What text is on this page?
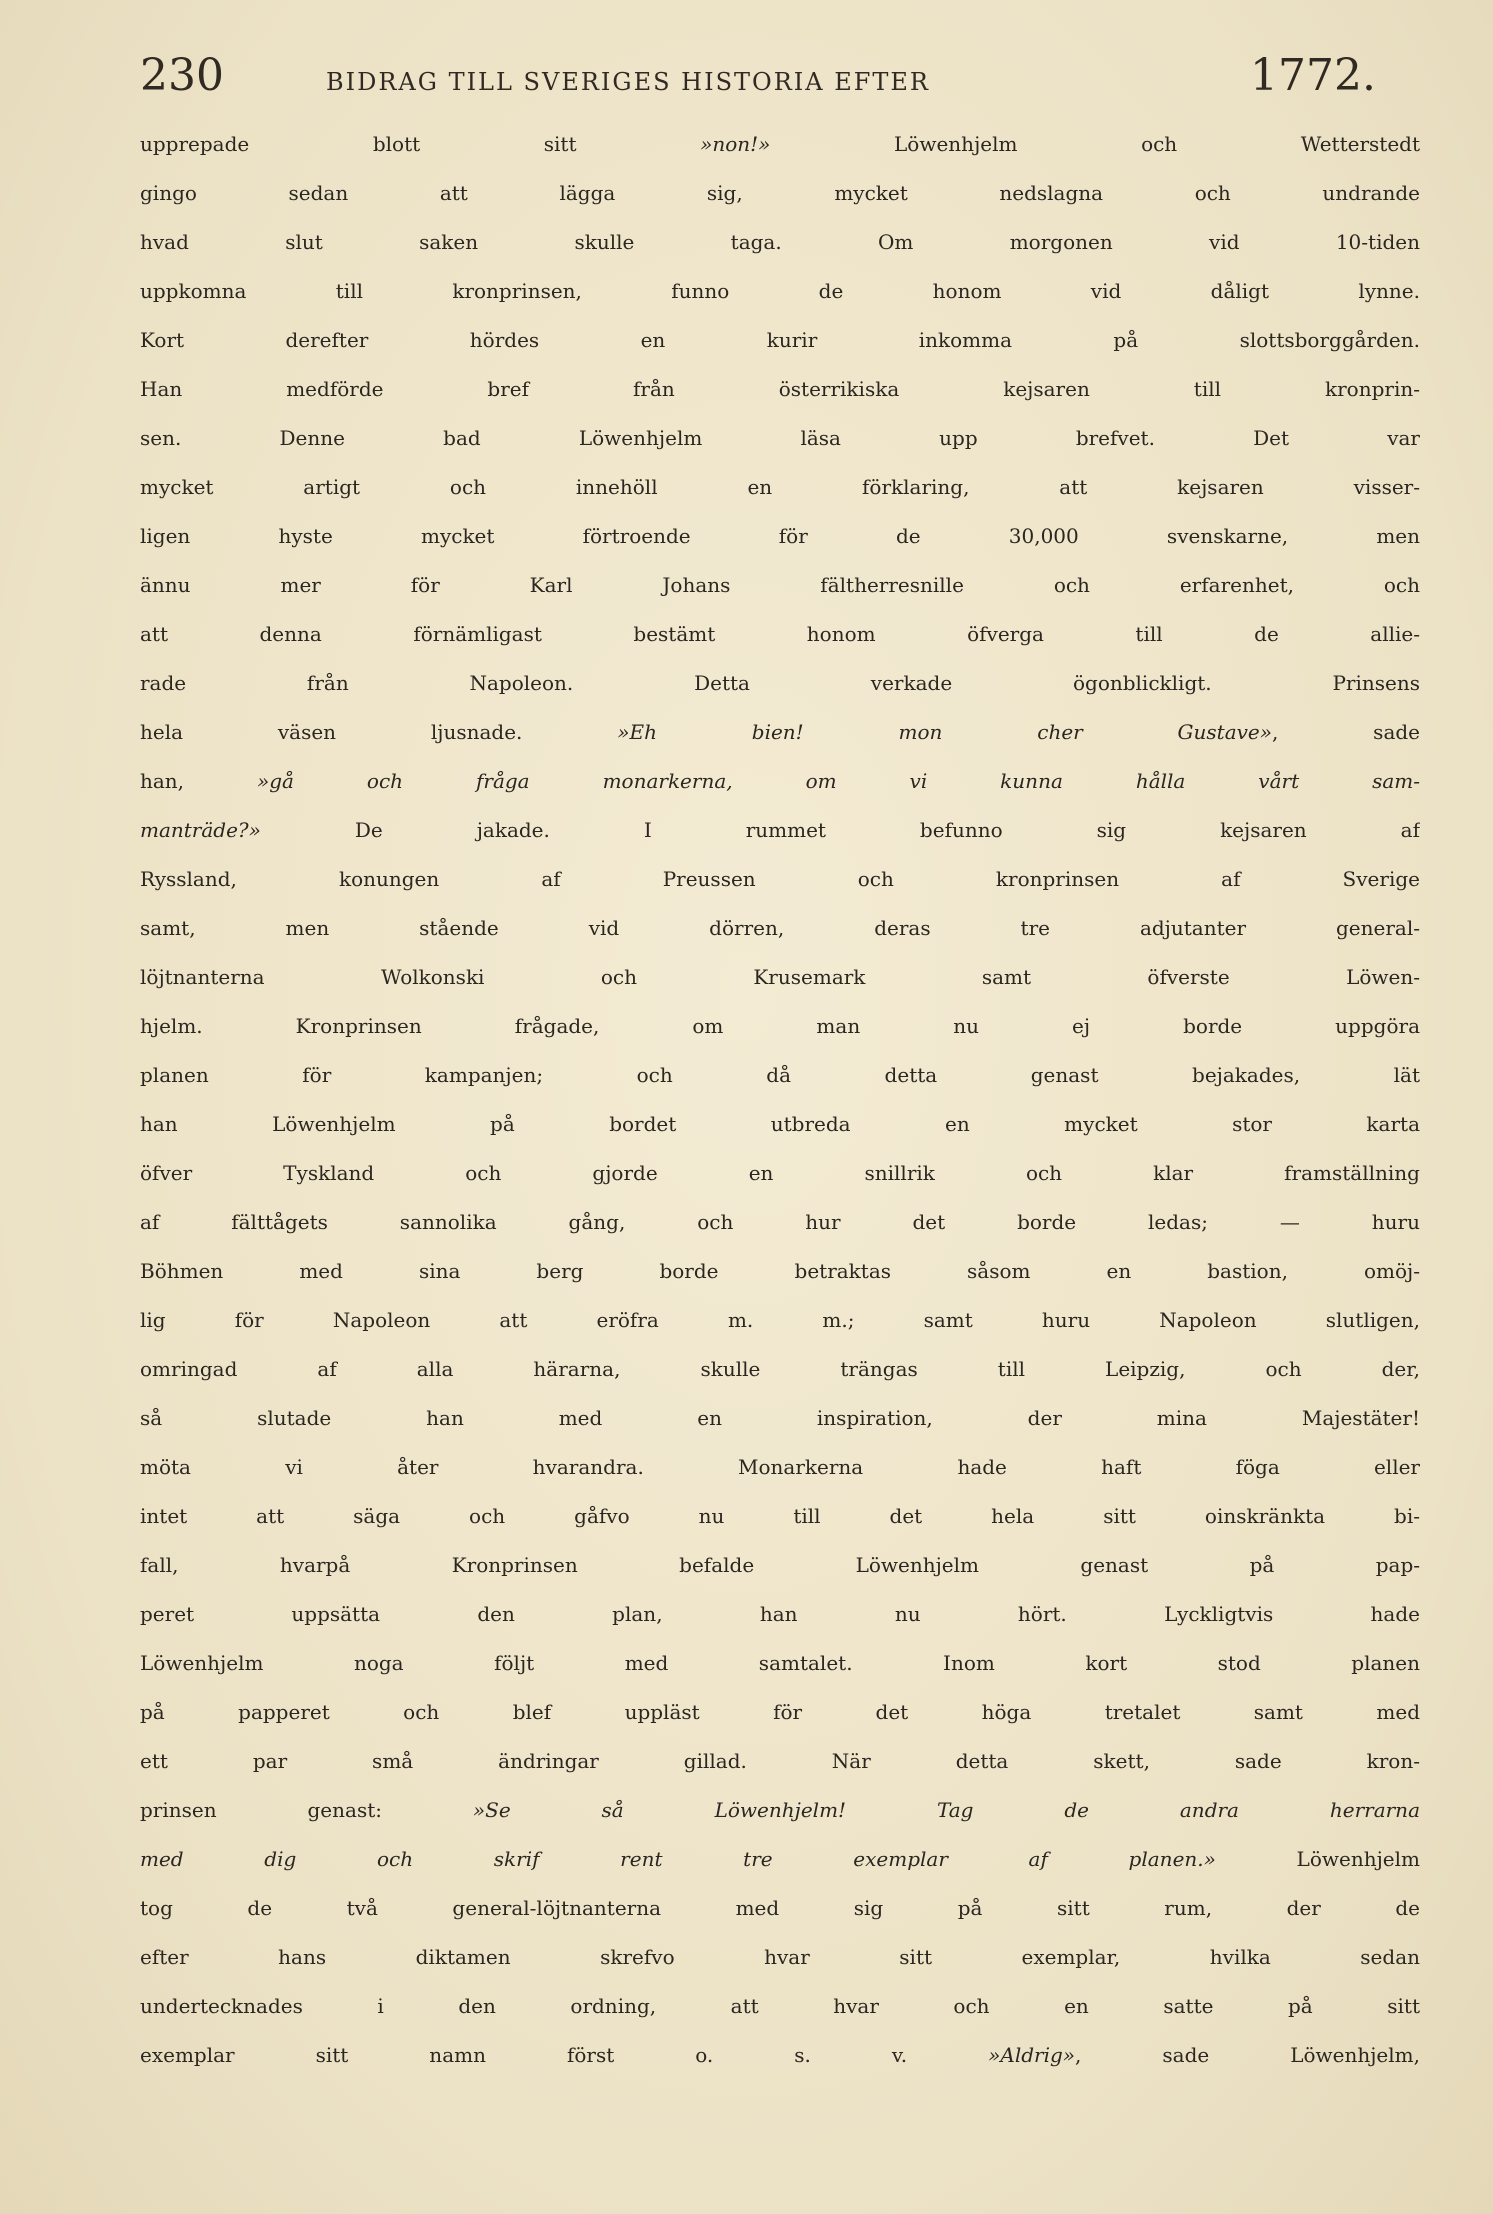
230	BIDRAG TILL SVERIGES HISTORIA EFTER	1772.
upprepade blott sitt »non!» Löwenhjelm och Wetterstedt
gingo sedan att lägga sig, mycket nedslagna och undrande
hvad slut saken skulle taga. Om morgonen vid 10-tiden
uppkomna till kronprinsen, funno de honom vid dåligt lynne.
Kort derefter hördes en kurir inkomma på slottsborggården.
Han medförde bref från österrikiska kejsaren till kronprin-
sen. Denne bad Löwenhjelm läsa upp brefvet. Det var
mycket artigt och innehöll en förklaring, att kejsaren visser-
ligen hyste mycket förtroende för de 30,000 svenskarne, men
ännu mer för Karl Johans fältherresnille och erfarenhet, och
att denna förnämligast bestämt honom öfverga till de allie-
rade från Napoleon. Detta verkade ögonblickligt. Prinsens
hela väsen ljusnade. »Eh bien! mon cher Gustave», sade
han, »gå och fråga monarkerna, om vi kunna hålla vårt sam-
manträde?» De jakade. I rummet befunno sig kejsaren af
Ryssland, konungen af Preussen och kronprinsen af Sverige
samt, men stående vid dörren, deras tre adjutanter general-
löjtnanterna Wolkonski och Krusemark samt öfverste Löwen-
hjelm. Kronprinsen frågade, om man nu ej borde uppgöra
planen för kampanjen; och då detta genast bejakades, lät
han Löwenhjelm på bordet utbreda en mycket stor karta
öfver Tyskland och gjorde en snillrik och klar framställning
af fälttågets sannolika gång, och hur det borde ledas; — huru
Böhmen med sina berg borde betraktas såsom en bastion, omöj-
lig för Napoleon att eröfra m. m.; samt huru Napoleon slutligen,
omringad af alla härarna, skulle trängas till Leipzig, och der,
så slutade han med en inspiration, der mina Majestäter!
möta vi åter hvarandra. Monarkerna hade haft föga eller
intet att säga och gåfvo nu till det hela sitt oinskränkta bi-
fall, hvarpå Kronprinsen befalde Löwenhjelm genast på pap-
peret uppsätta den plan, han nu hört. Lyckligtvis hade
Löwenhjelm noga följt med samtalet. Inom kort stod planen
på papperet och blef uppläst för det höga tretalet samt med
ett par små ändringar gillad. När detta skett, sade kron-
prinsen genast: »Se så Löwenhjelm! Tag de andra herrarna
med dig och skrif rent tre exemplar af planen.» Löwenhjelm
tog de två general-löjtnanterna med sig på sitt rum, der de
efter hans diktamen skrefvo hvar sitt exemplar, hvilka sedan
undertecknades i den ordning, att hvar och en satte på sitt
exemplar sitt namn först o. s. v. »Aldrig», sade Löwenhjelm,
